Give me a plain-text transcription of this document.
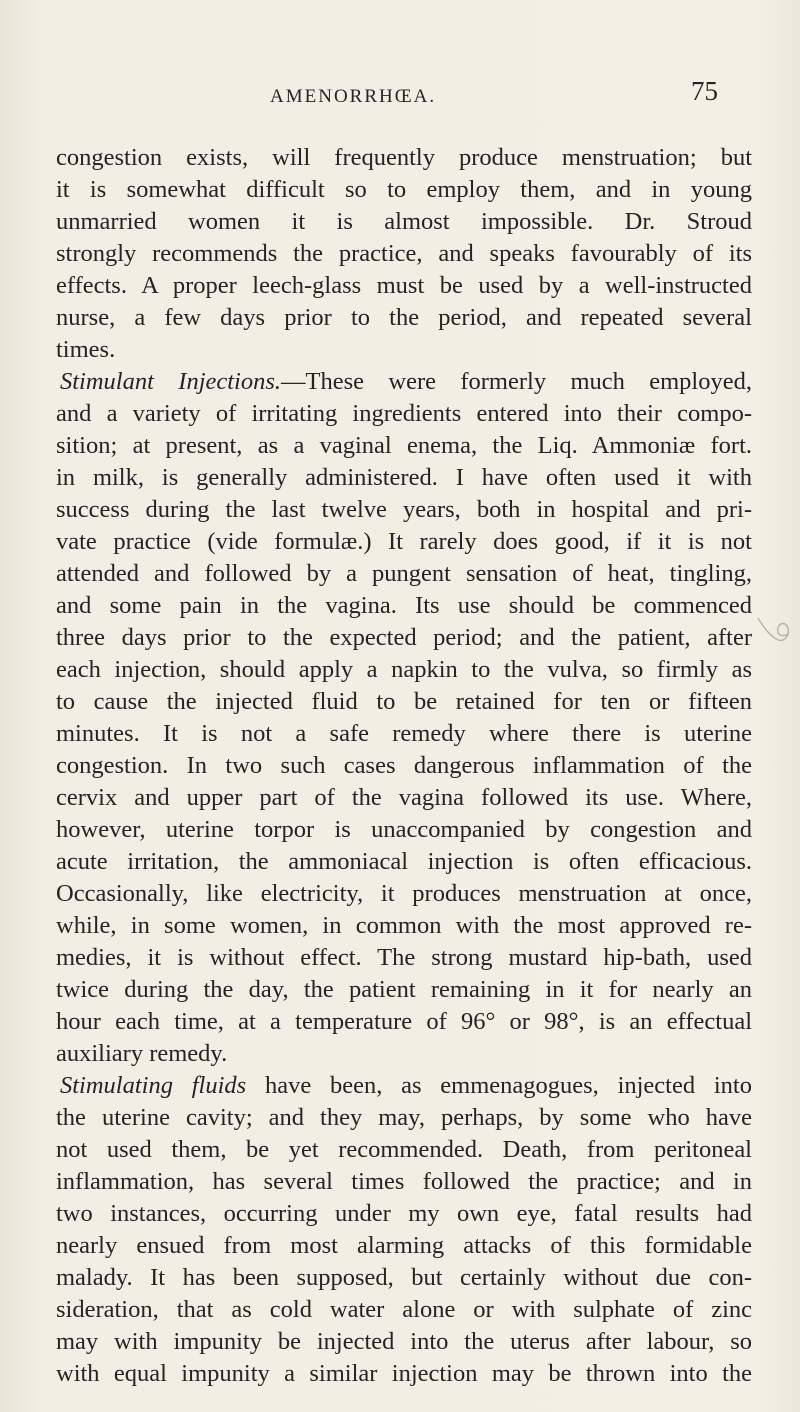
AMENORRHŒA.	75
congestion exists, will frequently produce menstruation; but
it is somewhat difficult so to employ them, and in young
unmarried women it is almost impossible. Dr. Stroud
strongly recommends the practice, and speaks favourably of its
effects. A proper leech-glass must be used by a well-instructed
nurse, a few days prior to the period, and repeated several
times.
Stimulant Injections.—These were formerly much employed,
and a variety of irritating ingredients entered into their compo-
sition; at present, as a vaginal enema, the Liq. Ammoniæ fort.
in milk, is generally administered. I have often used it with
success during the last twelve years, both in hospital and pri-
vate practice (vide formulæ.) It rarely does good, if it is not
attended and followed by a pungent sensation of heat, tingling,
and some pain in the vagina. Its use should be commenced
three days prior to the expected period; and the patient, after
each injection, should apply a napkin to the vulva, so firmly as
to cause the injected fluid to be retained for ten or fifteen
minutes. It is not a safe remedy where there is uterine
congestion. In two such cases dangerous inflammation of the
cervix and upper part of the vagina followed its use. Where,
however, uterine torpor is unaccompanied by congestion and
acute irritation, the ammoniacal injection is often efficacious.
Occasionally, like electricity, it produces menstruation at once,
while, in some women, in common with the most approved re-
medies, it is without effect. The strong mustard hip-bath, used
twice during the day, the patient remaining in it for nearly an
hour each time, at a temperature of 96° or 98°, is an effectual
auxiliary remedy.
Stimulating fluids have been, as emmenagogues, injected into
the uterine cavity; and they may, perhaps, by some who have
not used them, be yet recommended. Death, from peritoneal
inflammation, has several times followed the practice; and in
two instances, occurring under my own eye, fatal results had
nearly ensued from most alarming attacks of this formidable
malady. It has been supposed, but certainly without due con-
sideration, that as cold water alone or with sulphate of zinc
may with impunity be injected into the uterus after labour, so
with equal impunity a similar injection may be thrown into the
